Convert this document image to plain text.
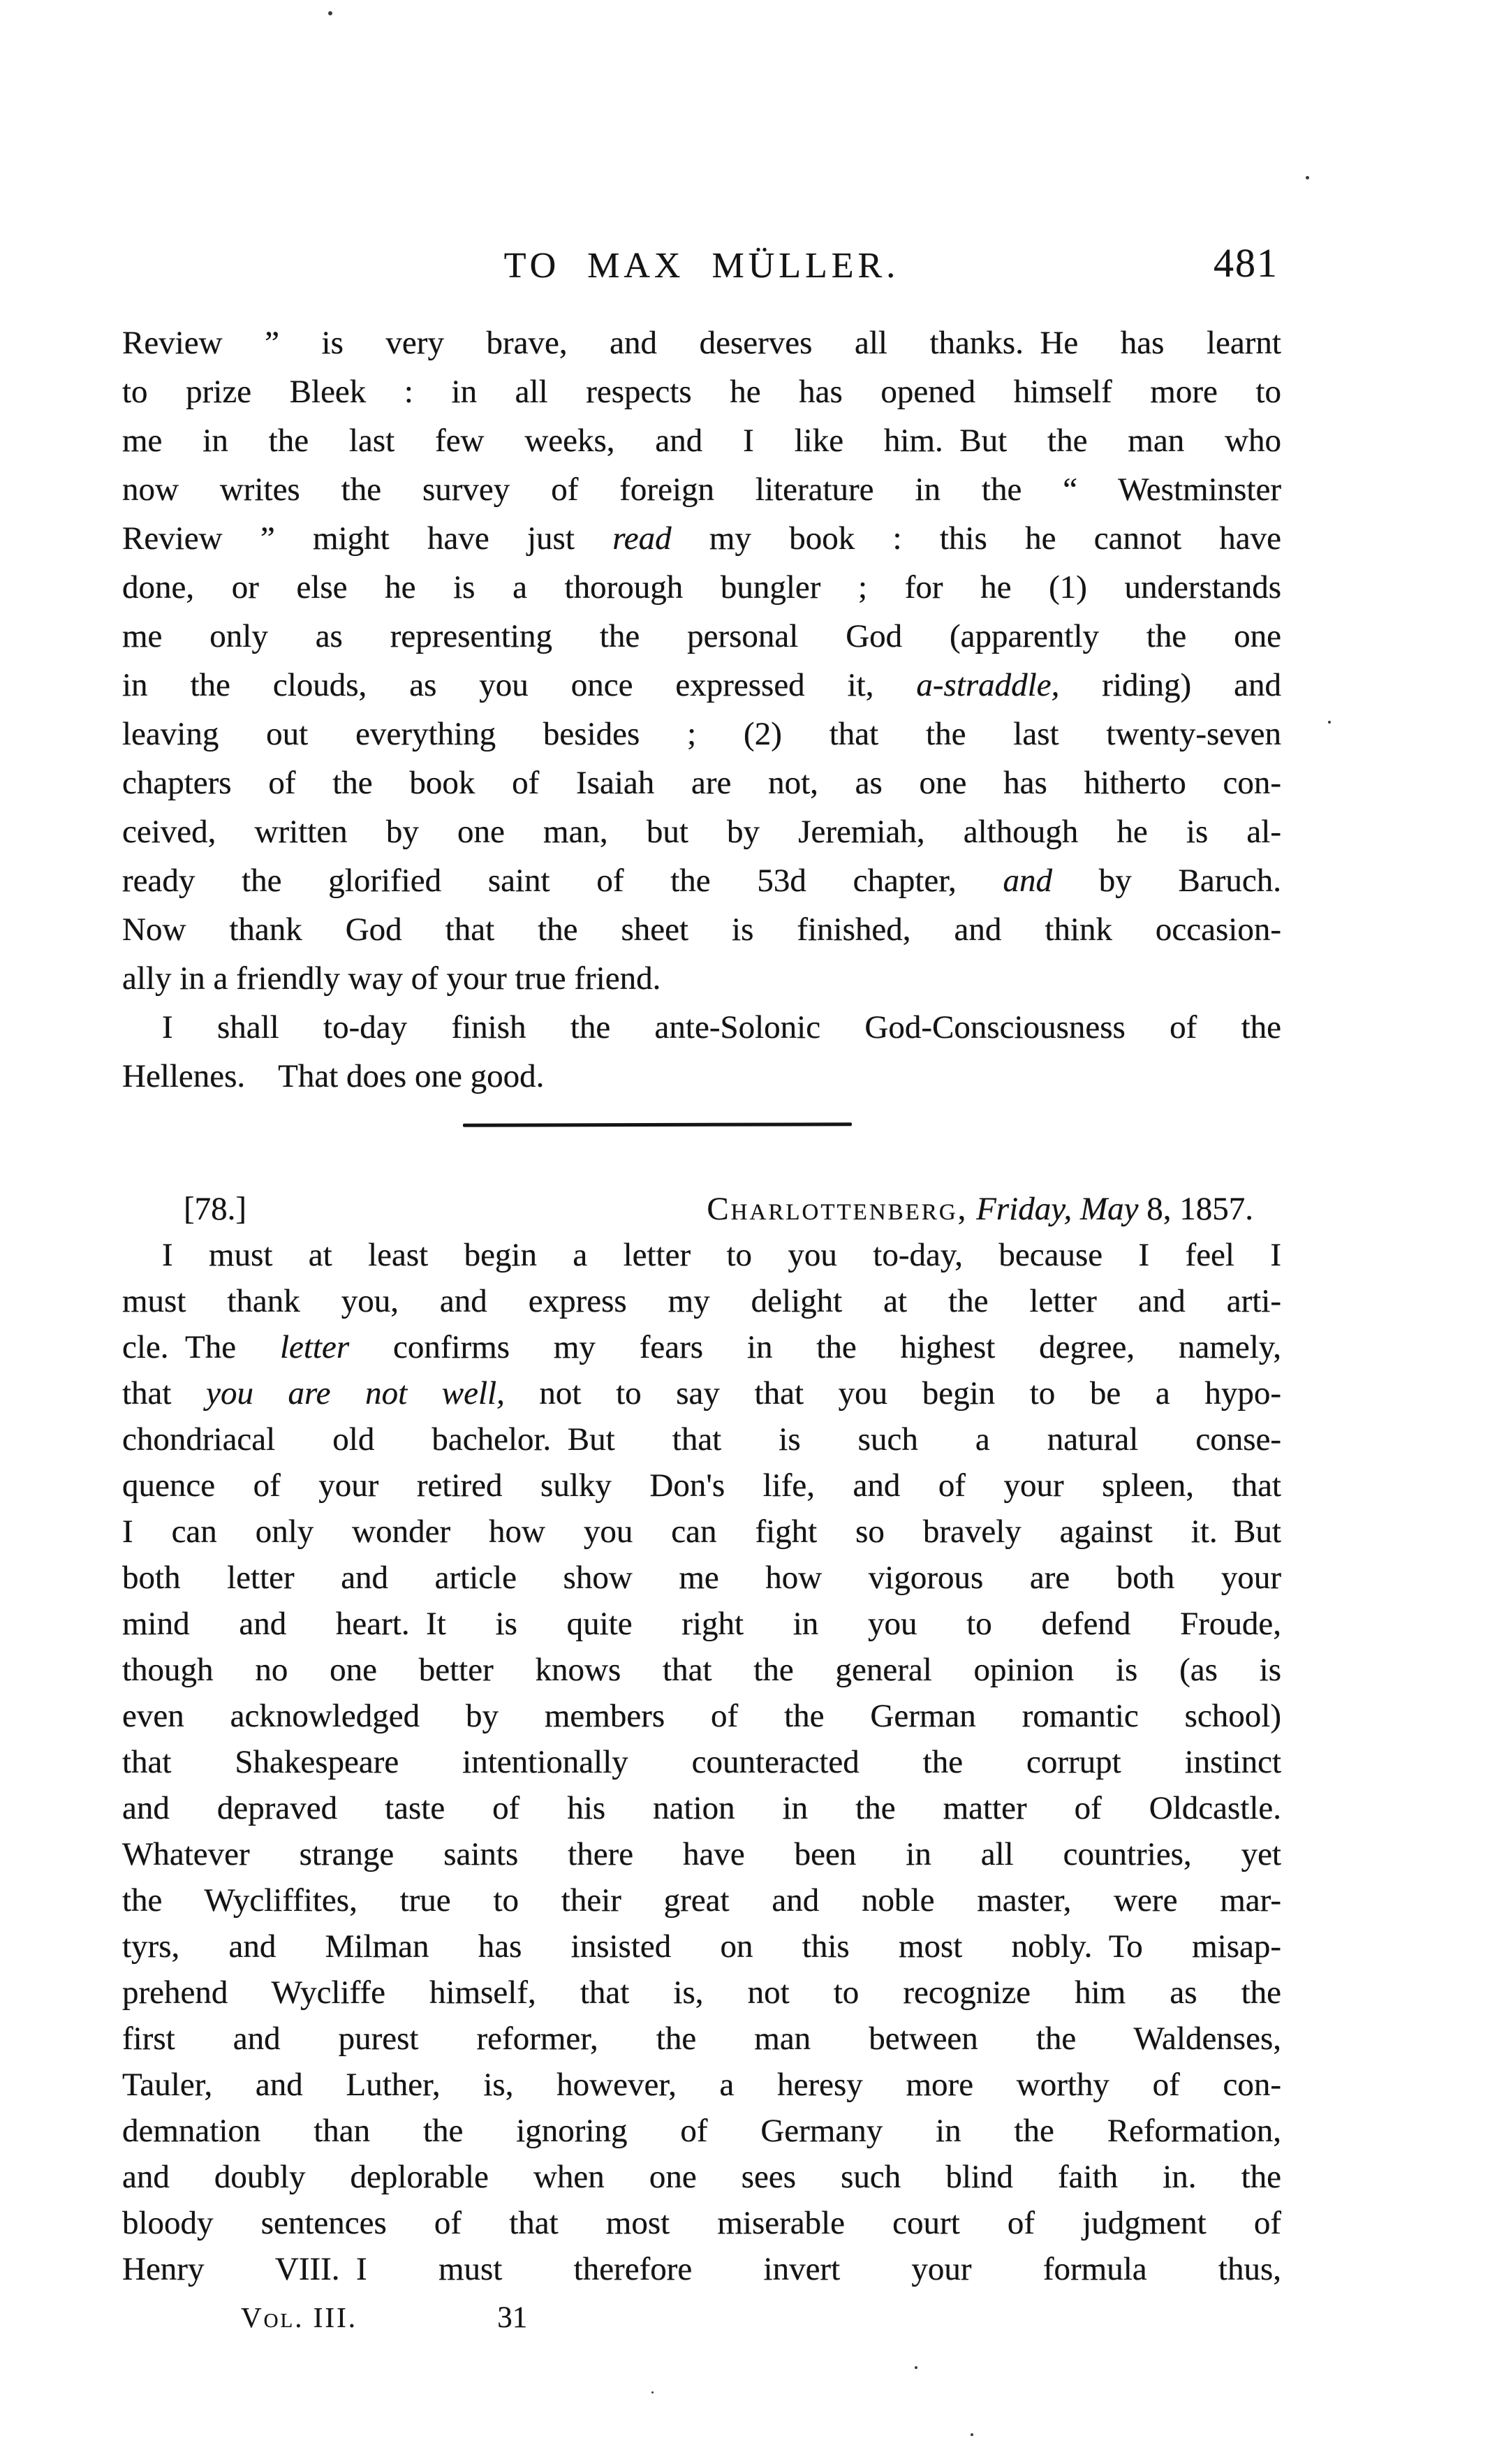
TO MAX MÜLLER.	481
Review ” is very brave, and deserves all thanks. He has learnt
to prize Bleek : in all respects he has opened himself more to
me in the last few weeks, and I like him. But the man who
now writes the survey of foreign literature in the “ Westminster
Review ” might have just read my book : this he cannot have
done, or else he is a thorough bungler ; for he (1) understands
me only as representing the personal God (apparently the one
in the clouds, as you once expressed it, a-straddle, riding) and
leaving out everything besides ; (2) that the last twenty-seven
chapters of the book of Isaiah are not, as one has hitherto con-
ceived, written by one man, but by Jeremiah, although he is al-
ready the glorified saint of the 53d chapter, and by Baruch.
Now thank God that the sheet is finished, and think occasion-
ally in a friendly way of your true friend.
I shall to-day finish the ante-Solonic God-Consciousness of the
Hellenes. That does one good.
[78.]	Charlottenberg, Friday, May 8, 1857.
I must at least begin a letter to you to-day, because I feel I
must thank you, and express my delight at the letter and arti-
cle. The letter confirms my fears in the highest degree, namely,
that you are not well, not to say that you begin to be a hypo-
chondriacal old bachelor. But that is such a natural conse-
quence of your retired sulky Don's life, and of your spleen, that
I can only wonder how you can fight so bravely against it. But
both letter and article show me how vigorous are both your
mind and heart. It is quite right in you to defend Froude,
though no one better knows that the general opinion is (as is
even acknowledged by members of the German romantic school)
that Shakespeare intentionally counteracted the corrupt instinct
and depraved taste of his nation in the matter of Oldcastle.
Whatever strange saints there have been in all countries, yet
the Wycliffites, true to their great and noble master, were mar-
tyrs, and Milman has insisted on this most nobly. To misap-
prehend Wycliffe himself, that is, not to recognize him as the
first and purest reformer, the man between the Waldenses,
Tauler, and Luther, is, however, a heresy more worthy of con-
demnation than the ignoring of Germany in the Reformation,
and doubly deplorable when one sees such blind faith in. the
bloody sentences of that most miserable court of judgment of
Henry VIII. I must therefore invert your formula thus,
Vol. III.	31
